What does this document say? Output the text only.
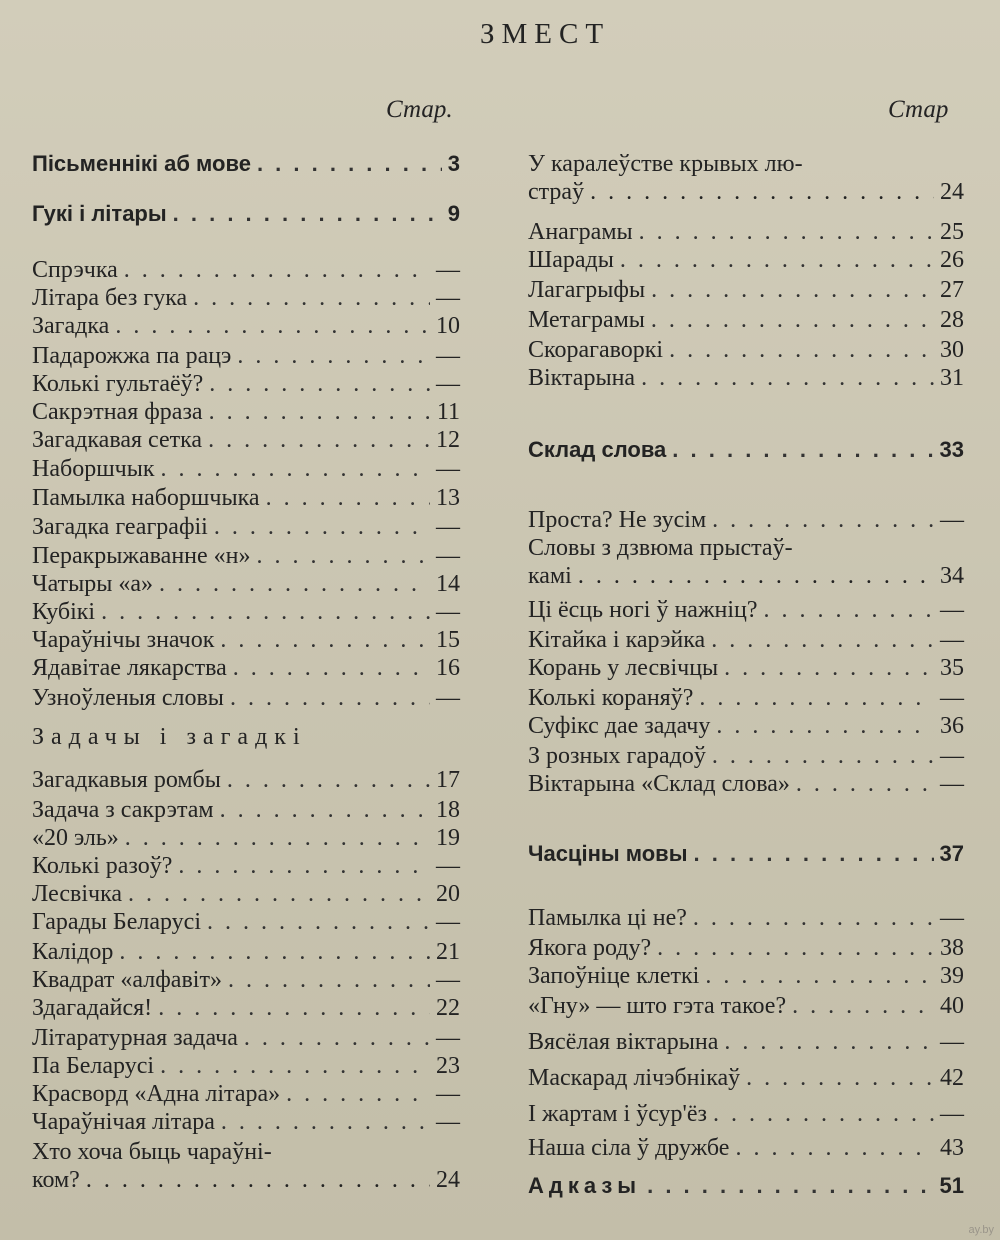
ЗМЕСТ
Стар.	Стар
ay.by
Пісьменнікі аб мове . . .	3
Гукі і літары . . .	9
Спрэчка . . .	—
Літара без гука . . .	—
Загадка . . .	10
Падарожжа па рацэ . . .	—
Колькі гультаёў? . . .	—
Сакрэтная фраза . . .	11
Загадкавая сетка . . .	12
Наборшчык . . .	—
Памылка наборшчыка . . .	13
Загадка геаграфіі . . .	—
Перакрыжаванне «н» . . .	—
Чатыры «а» . . .	14
Кубікі . . .	—
Чараўнічы значок . . .	15
Ядавітае лякарства . . .	16
Узноўленыя словы . . .	—
Задачы і загадкі
Загадкавыя ромбы . . .	17
Задача з сакрэтам . . .	18
«20 эль» . . .	19
Колькі разоў? . . .	—
Лесвічка . . .	20
Гарады Беларусі . . .	—
Калідор . . .	21
Квадрат «алфавіт» . . .	—
Здагадайся! . . .	22
Літаратурная задача . . .	—
Па Беларусі . . .	23
Красворд «Адна літара» . . .	—
Чараўнічая літара . . .	—
Хто хоча быць чараўні-
ком? . . .	24
У каралеўстве крывых лю-
страў . . .	24
Анаграмы . . .	25
Шарады . . .	26
Лагагрыфы . . .	27
Метаграмы . . .	28
Скорагаворкі . . .	30
Віктарына . . .	31
Склад слова . . .	33
Проста? Не зусім . . .	—
Словы з дзвюма прыстаў-
камі . . .	34
Ці ёсць ногі ў нажніц? . . .	—
Кітайка і карэйка . . .	—
Корань у лесвічцы . . .	35
Колькі кораняў? . . .	—
Суфікс дае задачу . . .	36
З розных гарадоў . . .	—
Віктарына «Склад слова» . . .	—
Часціны мовы . . .	37
Памылка ці не? . . .	—
Якога роду? . . .	38
Запоўніце клеткі . . .	39
«Гну» — што гэта такое? . . .	40
Вясёлая віктарына . . .	—
Маскарад лічэбнікаў . . .	42
І жартам і ўсур'ёз . . .	—
Наша сіла ў дружбе . . .	43
Адказы . . .	51
